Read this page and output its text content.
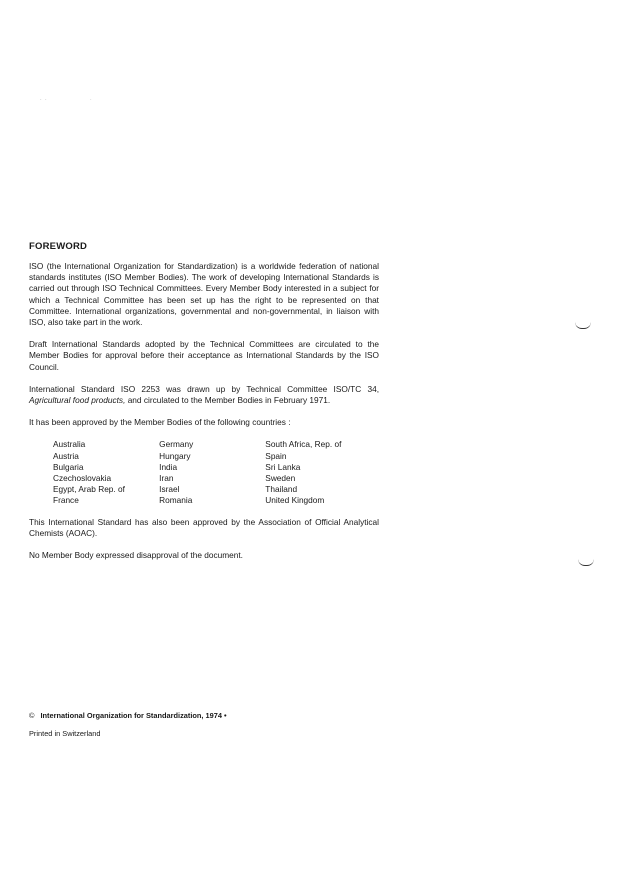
· ·	·
FOREWORD

ISO (the International Organization for Standardization) is a worldwide federation of national standards institutes (ISO Member Bodies). The work of developing International Standards is carried out through ISO Technical Committees. Every Member Body interested in a subject for which a Technical Committee has been set up has the right to be represented on that Committee. International organizations, governmental and non-governmental, in liaison with ISO, also take part in the work.

Draft International Standards adopted by the Technical Committees are circulated to the Member Bodies for approval before their acceptance as International Standards by the ISO Council.

International Standard ISO 2253 was drawn up by Technical Committee ISO/TC 34, Agricultural food products, and circulated to the Member Bodies in February 1971.

It has been approved by the Member Bodies of the following countries :

Australia
Austria
Bulgaria
Czechoslovakia
Egypt, Arab Rep. of
France
Germany
Hungary
India
Iran
Israel
Romania
South Africa, Rep. of
Spain
Sri Lanka
Sweden
Thailand
United Kingdom

This International Standard has also been approved by the Association of Official Analytical Chemists (AOAC).

No Member Body expressed disapproval of the document.

© International Organization for Standardization, 1974 •
Printed in Switzerland
